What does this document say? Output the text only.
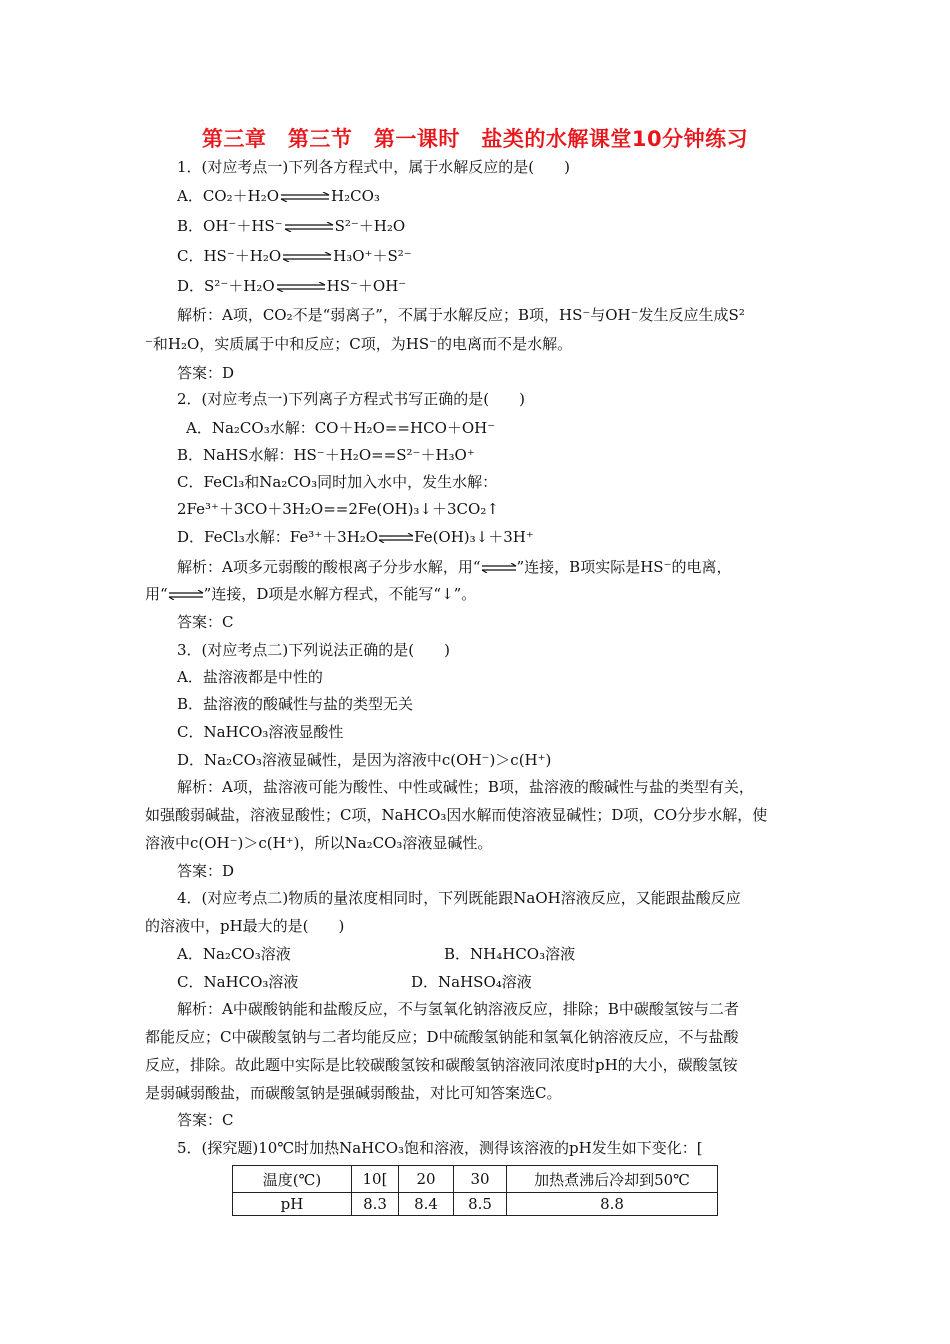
第三章　第三节　第一课时　盐类的水解课堂10分钟练习
1．(对应考点一)下列各方程式中，属于水解反应的是(　　)
A．CO₂＋H₂O⇌H₂CO₃
B．OH⁻＋HS⁻⇌S²⁻＋H₂O
C．HS⁻＋H₂O⇌H₃O⁺＋S²⁻
D．S²⁻＋H₂O⇌HS⁻＋OH⁻
解析：A项，CO₂不是“弱离子”，不属于水解反应；B项，HS⁻与OH⁻发生反应生成S²
⁻和H₂O，实质属于中和反应；C项，为HS⁻的电离而不是水解。
答案：D
2．(对应考点一)下列离子方程式书写正确的是(　　)
A．Na₂CO₃水解：CO＋H₂O==HCO＋OH⁻
B．NaHS水解：HS⁻＋H₂O==S²⁻＋H₃O⁺
C．FeCl₃和Na₂CO₃同时加入水中，发生水解：
2Fe³⁺＋3CO＋3H₂O==2Fe(OH)₃↓＋3CO₂↑
D．FeCl₃水解：Fe³⁺＋3H₂O⇌Fe(OH)₃↓＋3H⁺
解析：A项多元弱酸的酸根离子分步水解，用“⇌”连接，B项实际是HS⁻的电离，
用“⇌”连接，D项是水解方程式，不能写“↓”。
答案：C
3．(对应考点二)下列说法正确的是(　　)
A．盐溶液都是中性的
B．盐溶液的酸碱性与盐的类型无关
C．NaHCO₃溶液显酸性
D．Na₂CO₃溶液显碱性，是因为溶液中c(OH⁻)＞c(H⁺)
解析：A项，盐溶液可能为酸性、中性或碱性；B项，盐溶液的酸碱性与盐的类型有关，
如强酸弱碱盐，溶液显酸性；C项，NaHCO₃因水解而使溶液显碱性；D项，CO分步水解，使
溶液中c(OH⁻)＞c(H⁺)，所以Na₂CO₃溶液显碱性。
答案：D
4．(对应考点二)物质的量浓度相同时，下列既能跟NaOH溶液反应，又能跟盐酸反应
的溶液中，pH最大的是(　　)
A．Na₂CO₃溶液	B．NH₄HCO₃溶液
C．NaHCO₃溶液	D．NaHSO₄溶液
解析：A中碳酸钠能和盐酸反应，不与氢氧化钠溶液反应，排除；B中碳酸氢铵与二者
都能反应；C中碳酸氢钠与二者均能反应；D中硫酸氢钠能和氢氧化钠溶液反应，不与盐酸
反应，排除。故此题中实际是比较碳酸氢铵和碳酸氢钠溶液同浓度时pH的大小，碳酸氢铵
是弱碱弱酸盐，而碳酸氢钠是强碱弱酸盐，对比可知答案选C。
答案：C
5．(探究题)10℃时加热NaHCO₃饱和溶液，测得该溶液的pH发生如下变化：[
温度(℃)	10[	20	30	加热煮沸后冷却到50℃
pH	8.3	8.4	8.5	8.8
